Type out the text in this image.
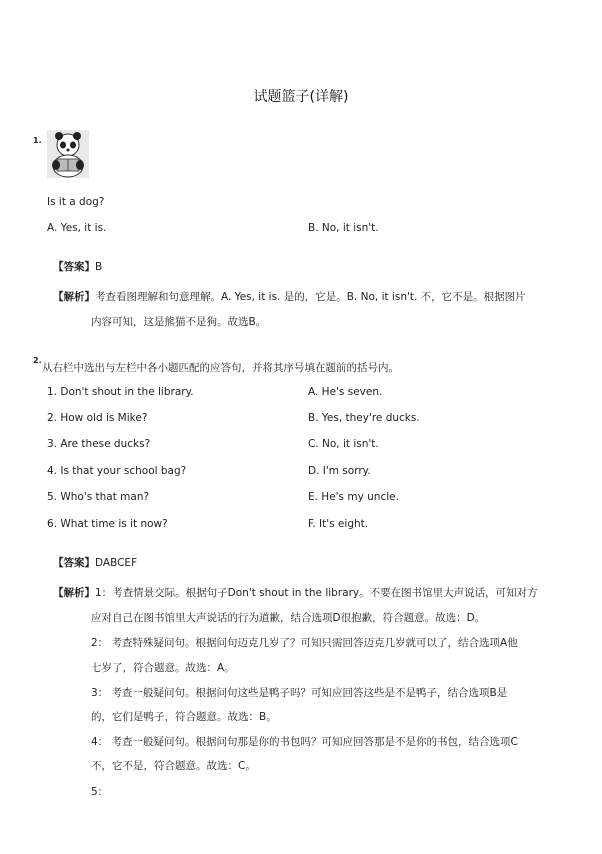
试题篮子(详解)
1.
Is it a dog?
A. Yes, it is.	B. No, it isn't.
【答案】B
【解析】考查看图理解和句意理解。A. Yes, it is. 是的，它是。B. No, it isn't. 不，它不是。根据图片
内容可知，这是熊猫不是狗。故选B。
2.
从右栏中选出与左栏中各小题匹配的应答句，并将其序号填在题前的括号内。
1. Don't shout in the library.
2. How old is Mike?
3. Are these ducks?
4. Is that your school bag?
5. Who's that man?
6. What time is it now?
A. He's seven.
B. Yes, they're ducks.
C. No, it isn't.
D. I'm sorry.
E. He's my uncle.
F. It's eight.
【答案】DABCEF
【解析】1：考查情景交际。根据句子Don't shout in the library。不要在图书馆里大声说话，可知对方
应对自己在图书馆里大声说话的行为道歉，结合选项D很抱歉，符合题意。故选：D。
2： 考查特殊疑问句。根据问句迈克几岁了？可知只需回答迈克几岁就可以了，结合选项A他
七岁了，符合题意。故选：A。
3： 考查一般疑问句。根据问句这些是鸭子吗？可知应回答这些是不是鸭子，结合选项B是
的，它们是鸭子，符合题意。故选：B。
4： 考查一般疑问句。根据问句那是你的书包吗？可知应回答那是不是你的书包，结合选项C
不，它不是，符合题意。故选：C。
5：
